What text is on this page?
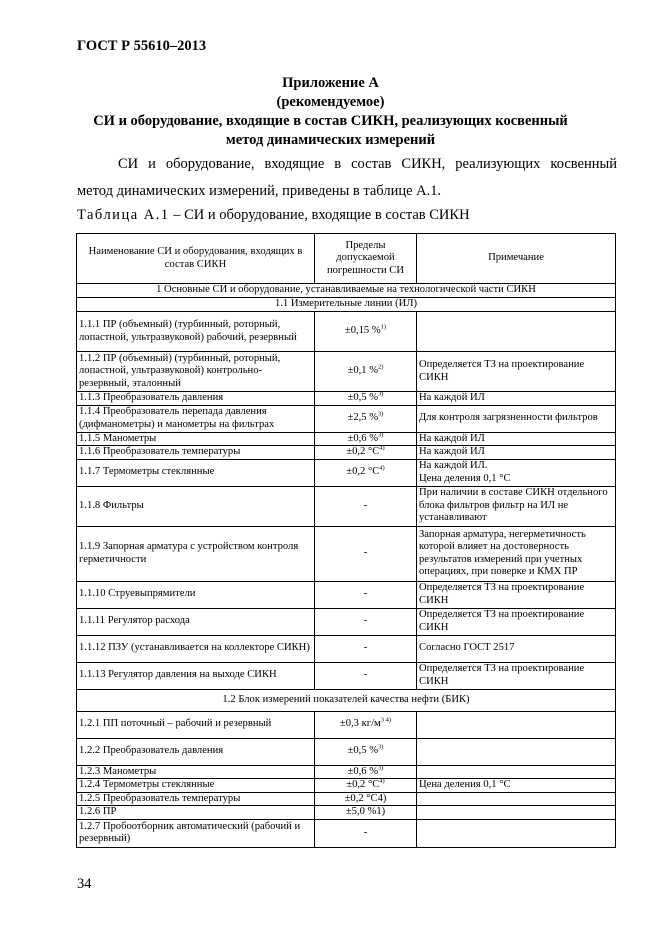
ГОСТ Р 55610–2013
Приложение А
(рекомендуемое)
СИ и оборудование, входящие в состав СИКН, реализующих косвенный
метод динамических измерений
СИ и оборудование, входящие в состав СИКН, реализующих косвенный
метод динамических измерений, приведены в таблице А.1.
Таблица А.1 – СИ и оборудование, входящие в состав СИКН
Наименование СИ и оборудования, входящих в состав СИКН	Пределы допускаемой погрешности СИ	Примечание
1 Основные СИ и оборудование, устанавливаемые на технологической части СИКН		
1.1 Измерительные линии (ИЛ)		
1.1.1 ПР (объемный) (турбинный, роторный, лопастной, ультразвуковой) рабочий, резервный	±0,15 %$^{1)}$	
1.1.2 ПР (объемный) (турбинный, роторный, лопастной, ультразвуковой) контрольно-резервный, эталонный	±0,1 %$^{2)}$	Определяется ТЗ на проектирование СИКН
1.1.3 Преобразователь давления	±0,5 %$^{3)}$	На каждой ИЛ
1.1.4 Преобразователь перепада давления (дифманометры) и манометры на фильтрах	±2,5 %$^{3)}$	Для контроля загрязненности фильтров
1.1.5 Манометры	±0,6 %$^{3)}$	На каждой ИЛ
1.1.6 Преобразователь температуры	±0,2 $^\circ С^{4)}$	На каждой ИЛ
1.1.7 Термометры стеклянные	±0,2 $^\circ С^{4)}$	На каждой ИЛ.
Цена деления 0,1 °С
1.1.8 Фильтры	-	При наличии в составе СИКН отдельного блока фильтров фильтр на ИЛ не устанавливают
1.1.9 Запорная арматура с устройством контроля герметичности	-	Запорная арматура, негерметичность которой влияет на достоверность результатов измерений при учетных операциях, при поверке и КМХ ПР
1.1.10 Струевыпрямители	-	Определяется ТЗ на проектирование СИКН
1.1.11 Регулятор расхода	-	Определяется ТЗ на проектирование СИКН
1.1.12 ПЗУ (устанавливается на коллекторе СИКН)	-	Согласно ГОСТ 2517
1.1.13 Регулятор давления на выходе СИКН	-	Определяется ТЗ на проектирование СИКН
1.2 Блок измерений показателей качества нефти (БИК)		
1.2.1 ПП поточный – рабочий и резервный	±0,3 $кг/м^{3 4)}$	
1.2.2 Преобразователь давления	±0,5 %$^{3)}$	
1.2.3 Манометры	±0,6 %$^{3)}$	
1.2.4 Термометры стеклянные	±0,2 $^\circ С^{4)}$	Цена деления 0,1 °С
1.2.5 Преобразователь температуры	±0,2 °С4)	
1.2.6 ПР	±5,0 %1)	
1.2.7 Пробоотборник автоматический (рабочий и резервный)	-	
34
